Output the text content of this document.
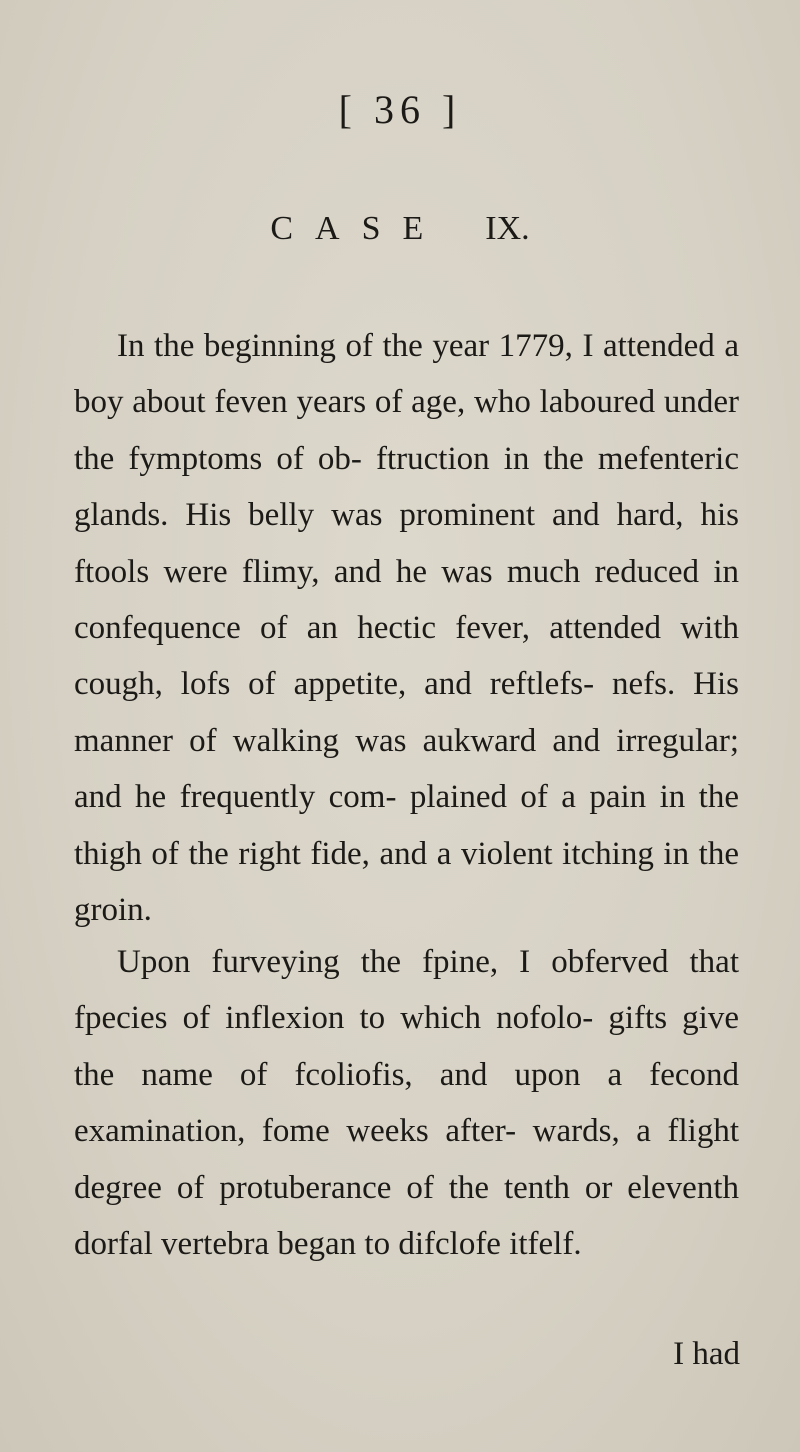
[ 36 ]
CASE IX.
In the beginning of the year 1779, I attended a boy about feven years of age, who laboured under the fymptoms of ob- ftruction in the mefenteric glands. His belly was prominent and hard, his ftools were flimy, and he was much reduced in confequence of an hectic fever, attended with cough, lofs of appetite, and reftlefs- nefs. His manner of walking was aukward and irregular; and he frequently com- plained of a pain in the thigh of the right fide, and a violent itching in the groin.
Upon furveying the fpine, I obferved that fpecies of inflexion to which nofolo- gifts give the name of fcoliofis, and upon a fecond examination, fome weeks after- wards, a flight degree of protuberance of the tenth or eleventh dorfal vertebra began to difclofe itfelf.
I had
